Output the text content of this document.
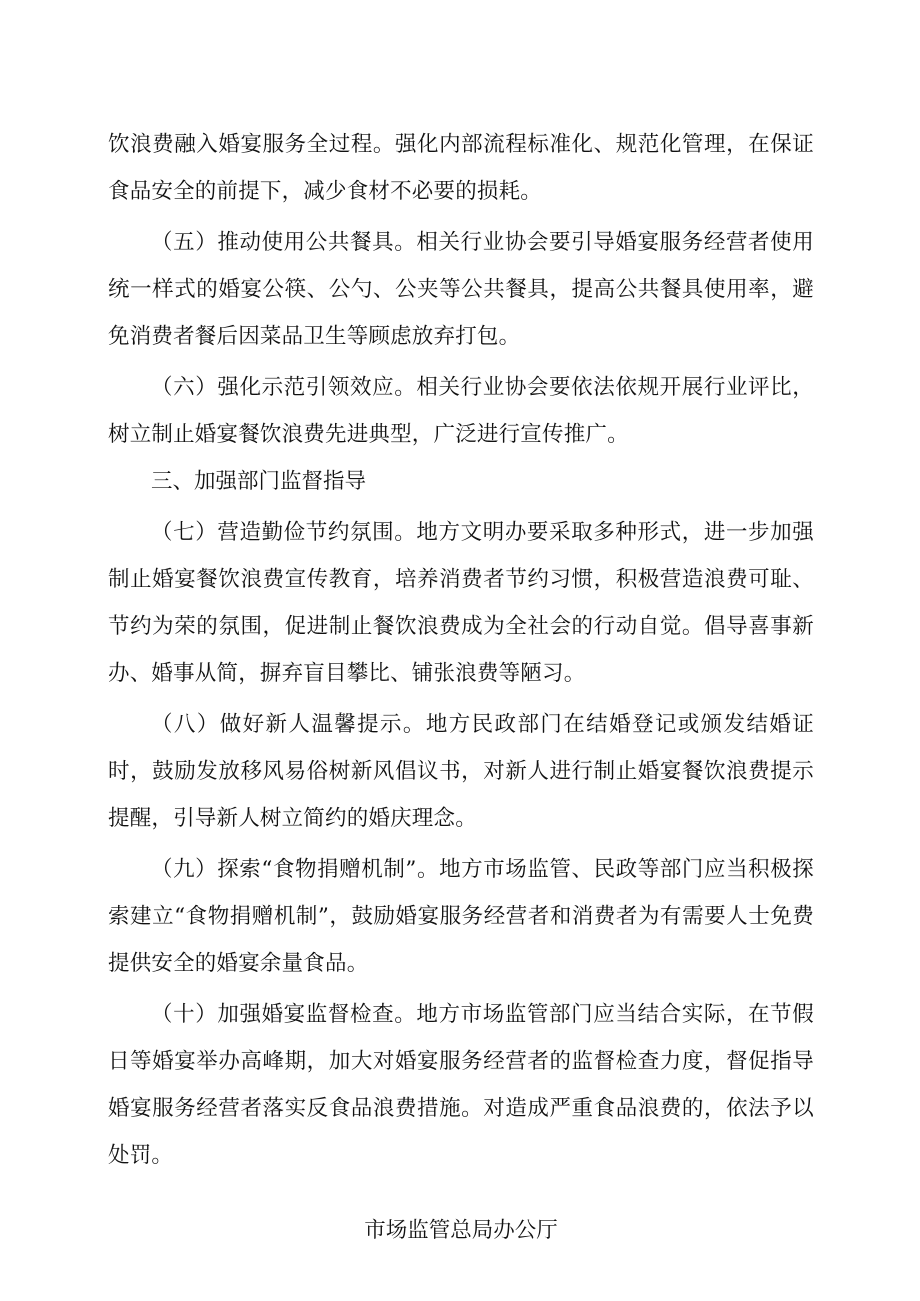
饮浪费融入婚宴服务全过程。强化内部流程标准化、规范化管理，在保证食品安全的前提下，减少食材不必要的损耗。

（五）推动使用公共餐具。相关行业协会要引导婚宴服务经营者使用统一样式的婚宴公筷、公勺、公夹等公共餐具，提高公共餐具使用率，避免消费者餐后因菜品卫生等顾虑放弃打包。

（六）强化示范引领效应。相关行业协会要依法依规开展行业评比，树立制止婚宴餐饮浪费先进典型，广泛进行宣传推广。

三、加强部门监督指导

（七）营造勤俭节约氛围。地方文明办要采取多种形式，进一步加强制止婚宴餐饮浪费宣传教育，培养消费者节约习惯，积极营造浪费可耻、节约为荣的氛围，促进制止餐饮浪费成为全社会的行动自觉。倡导喜事新办、婚事从简，摒弃盲目攀比、铺张浪费等陋习。

（八）做好新人温馨提示。地方民政部门在结婚登记或颁发结婚证时，鼓励发放移风易俗树新风倡议书，对新人进行制止婚宴餐饮浪费提示提醒，引导新人树立简约的婚庆理念。

（九）探索“食物捐赠机制”。地方市场监管、民政等部门应当积极探索建立“食物捐赠机制”，鼓励婚宴服务经营者和消费者为有需要人士免费提供安全的婚宴余量食品。

（十）加强婚宴监督检查。地方市场监管部门应当结合实际，在节假日等婚宴举办高峰期，加大对婚宴服务经营者的监督检查力度，督促指导婚宴服务经营者落实反食品浪费措施。对造成严重食品浪费的，依法予以处罚。

市场监管总局办公厅
